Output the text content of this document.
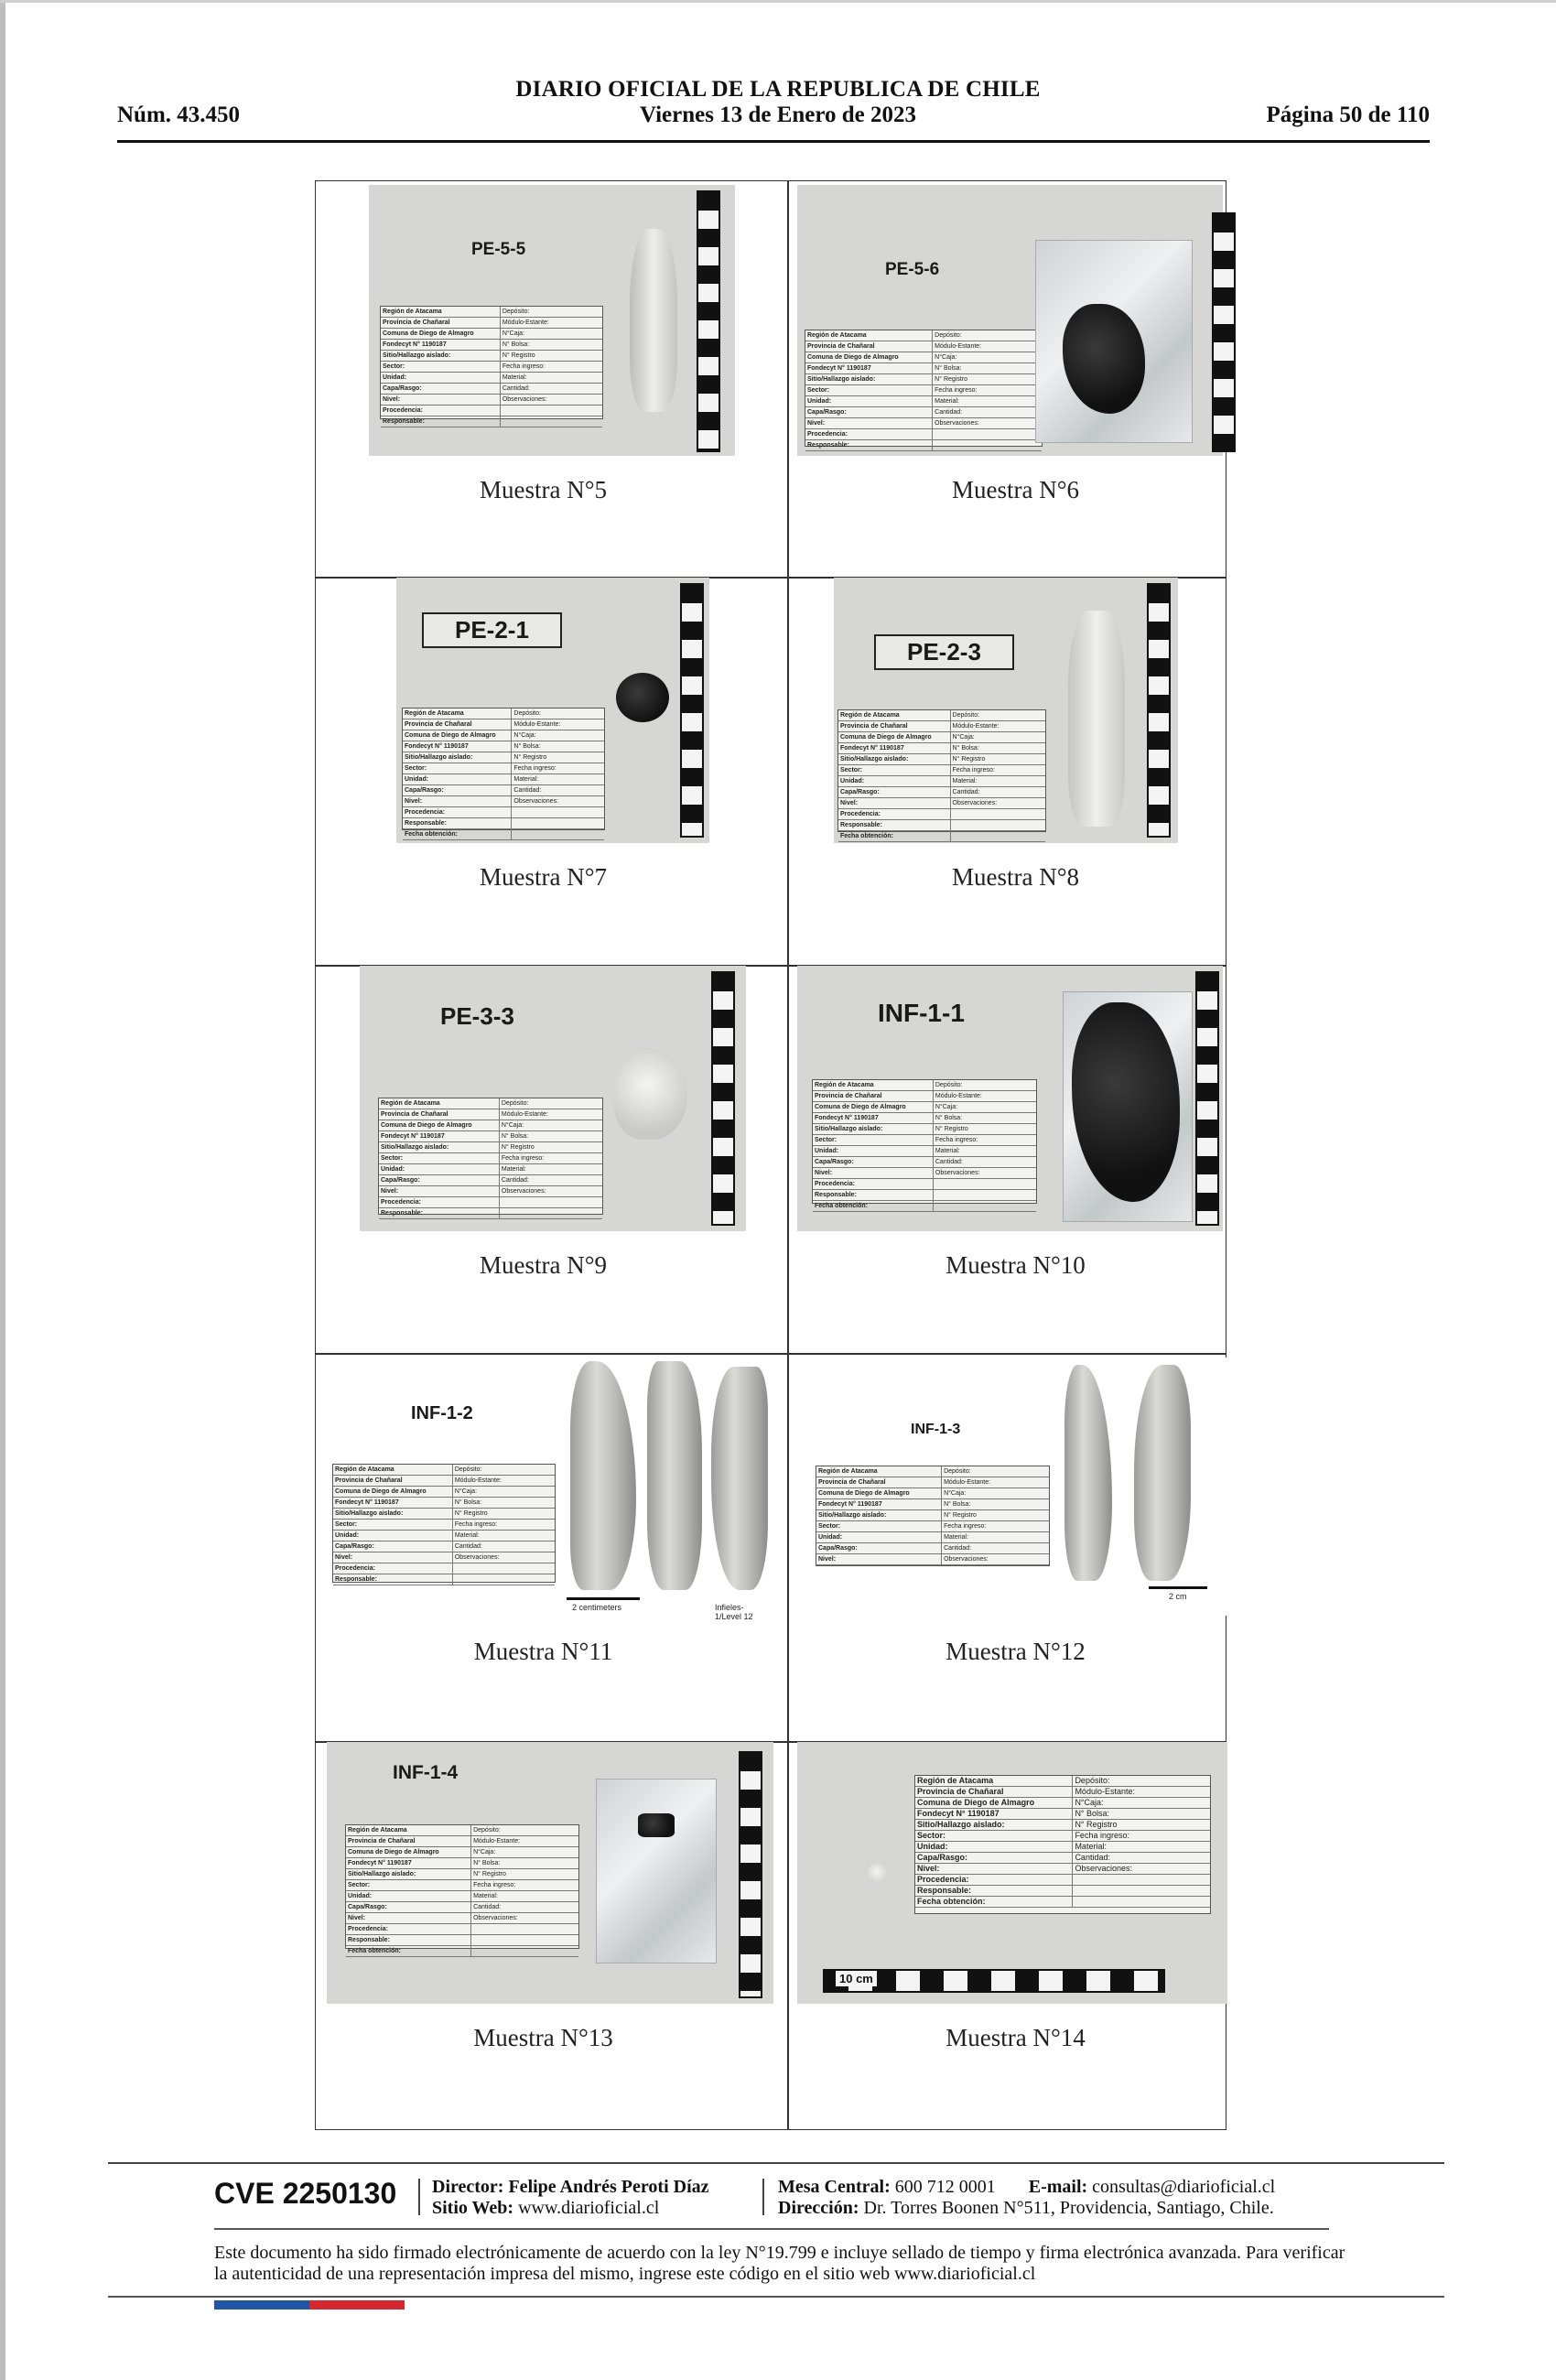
DIARIO OFICIAL DE LA REPUBLICA DE CHILE
Núm. 43.450	Viernes 13 de Enero de 2023	Página 50 de 110
PE-5-5
Región de Atacama	Depósito:
Provincia de Chañaral	Módulo-Estante:
Comuna de Diego de Almagro	N°Caja:
Fondecyt N° 1190187	N° Bolsa:
Sitio/Hallazgo aislado:	N° Registro
Sector:	Fecha ingreso:
Unidad:	Material:
Capa/Rasgo:	Cantidad:
Nivel:	Observaciones:
Procedencia:
Responsable:
Muestra N°5
PE-5-6
Región de Atacama	Depósito:
Provincia de Chañaral	Módulo-Estante:
Comuna de Diego de Almagro	N°Caja:
Fondecyt N° 1190187	N° Bolsa:
Sitio/Hallazgo aislado:	N° Registro
Sector:	Fecha ingreso:
Unidad:	Material:
Capa/Rasgo:	Cantidad:
Nivel:	Observaciones:
Procedencia:
Responsable:
Muestra N°6
PE-2-1
Región de Atacama	Depósito:
Provincia de Chañaral	Módulo-Estante:
Comuna de Diego de Almagro	N°Caja:
Fondecyt N° 1190187	N° Bolsa:
Sitio/Hallazgo aislado:	N° Registro
Sector:	Fecha ingreso:
Unidad:	Material:
Capa/Rasgo:	Cantidad:
Nivel:	Observaciones:
Procedencia:
Responsable:
Fecha obtención:
Muestra N°7
PE-2-3
Región de Atacama	Depósito:
Provincia de Chañaral	Módulo-Estante:
Comuna de Diego de Almagro	N°Caja:
Fondecyt N° 1190187	N° Bolsa:
Sitio/Hallazgo aislado:	N° Registro
Sector:	Fecha ingreso:
Unidad:	Material:
Capa/Rasgo:	Cantidad:
Nivel:	Observaciones:
Procedencia:
Responsable:
Fecha obtención:
Muestra N°8
PE-3-3
Región de Atacama	Depósito:
Provincia de Chañaral	Módulo-Estante:
Comuna de Diego de Almagro	N°Caja:
Fondecyt N° 1190187	N° Bolsa:
Sitio/Hallazgo aislado:	N° Registro
Sector:	Fecha ingreso:
Unidad:	Material:
Capa/Rasgo:	Cantidad:
Nivel:	Observaciones:
Procedencia:
Responsable:
Muestra N°9
INF-1-1
Región de Atacama	Depósito:
Provincia de Chañaral	Módulo-Estante:
Comuna de Diego de Almagro	N°Caja:
Fondecyt N° 1190187	N° Bolsa:
Sitio/Hallazgo aislado:	N° Registro
Sector:	Fecha ingreso:
Unidad:	Material:
Capa/Rasgo:	Cantidad:
Nivel:	Observaciones:
Procedencia:
Responsable:
Fecha obtención:
Muestra N°10
INF-1-2
Región de Atacama	Depósito:
Provincia de Chañaral	Módulo-Estante:
Comuna de Diego de Almagro	N°Caja:
Fondecyt N° 1190187	N° Bolsa:
Sitio/Hallazgo aislado:	N° Registro
Sector:	Fecha ingreso:
Unidad:	Material:
Capa/Rasgo:	Cantidad:
Nivel:	Observaciones:
Procedencia:
Responsable:
2 centimeters	Infieles-1/Level 12
Muestra N°11
INF-1-3
Región de Atacama	Depósito:
Provincia de Chañaral	Módulo-Estante:
Comuna de Diego de Almagro	N°Caja:
Fondecyt N° 1190187	N° Bolsa:
Sitio/Hallazgo aislado:	N° Registro
Sector:	Fecha ingreso:
Unidad:	Material:
Capa/Rasgo:	Cantidad:
Nivel:	Observaciones:
2 cm
Muestra N°12
INF-1-4
Región de Atacama	Depósito:
Provincia de Chañaral	Módulo-Estante:
Comuna de Diego de Almagro	N°Caja:
Fondecyt N° 1190187	N° Bolsa:
Sitio/Hallazgo aislado:	N° Registro
Sector:	Fecha ingreso:
Unidad:	Material:
Capa/Rasgo:	Cantidad:
Nivel:	Observaciones:
Procedencia:
Responsable:
Fecha obtención:
Muestra N°13
Región de Atacama	Depósito:
Provincia de Chañaral	Módulo-Estante:
Comuna de Diego de Almagro	N°Caja:
Fondecyt N° 1190187	N° Bolsa:
Sitio/Hallazgo aislado:	N° Registro
Sector:	Fecha ingreso:
Unidad:	Material:
Capa/Rasgo:	Cantidad:
Nivel:	Observaciones:
Procedencia:
Responsable:
Fecha obtención:
10 cm
Muestra N°14
CVE 2250130 Director: Felipe Andrés Peroti Díaz
Sitio Web: www.diarioficial.cl
Mesa Central: 600 712 0001 E-mail: consultas@diarioficial.cl
Dirección: Dr. Torres Boonen N°511, Providencia, Santiago, Chile.
Este documento ha sido firmado electrónicamente de acuerdo con la ley N°19.799 e incluye sellado de tiempo y firma electrónica avanzada. Para verificar la autenticidad de una representación impresa del mismo, ingrese este código en el sitio web www.diarioficial.cl
